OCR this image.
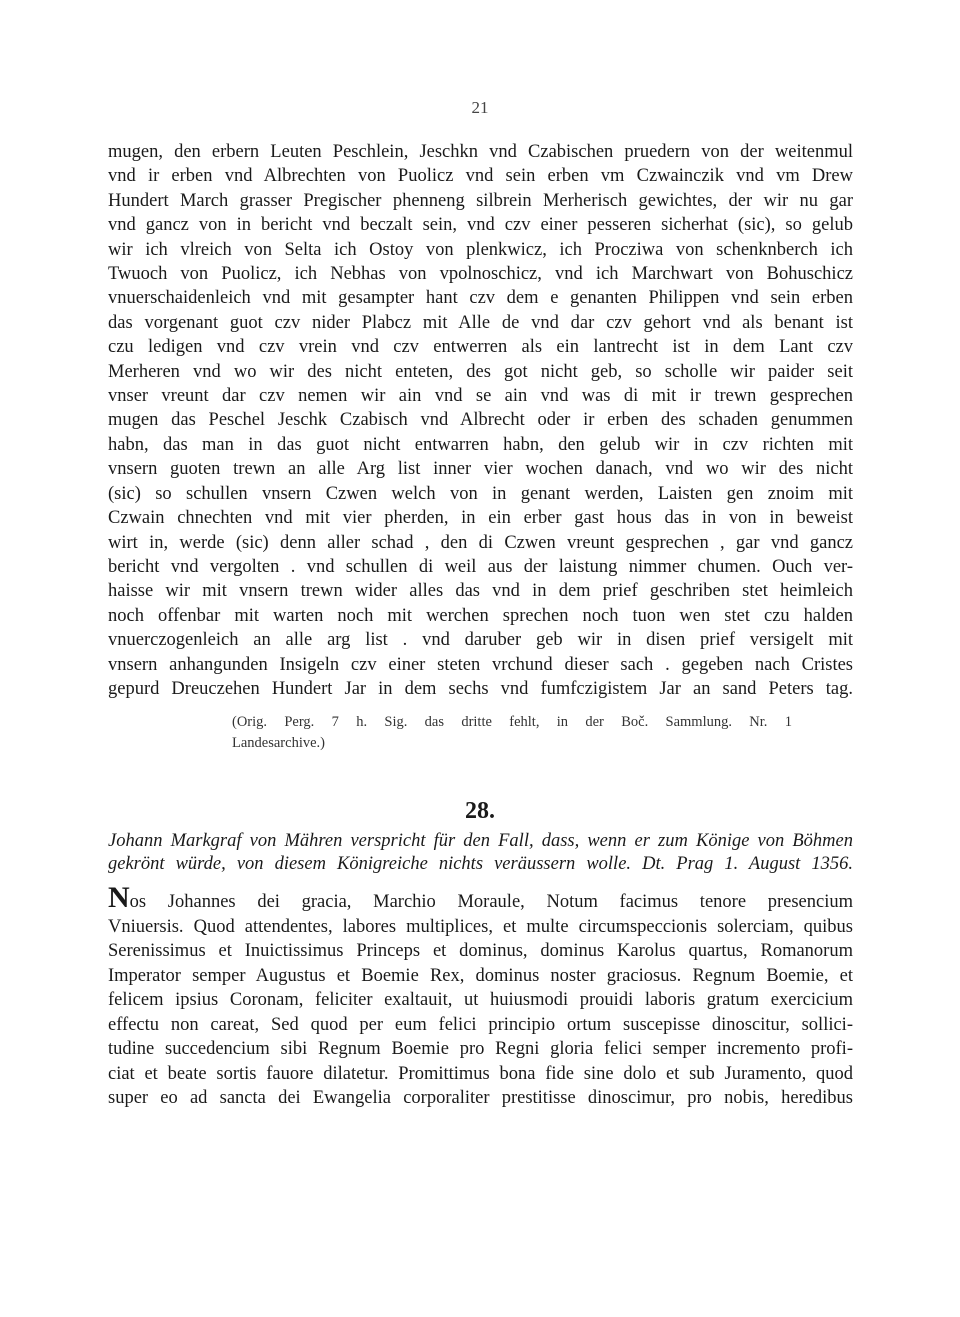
21
mugen, den erbern Leuten Peschlein, Jeschkn vnd Czabischen pruedern von der weitenmul
vnd ir erben vnd Albrechten von Puolicz vnd sein erben vm Czwainczik vnd vm Drew
Hundert March grasser Pregischer phenneng silbrein Merherisch gewichtes, der wir nu gar
vnd gancz von in bericht vnd beczalt sein, vnd czv einer pesseren sicherhat (sic), so gelub
wir ich vlreich von Selta ich Ostoy von plenkwicz, ich Procziwa von schenknberch ich
Twuoch von Puolicz, ich Nebhas von vpolnoschicz, vnd ich Marchwart von Bohuschicz
vnuerschaidenleich vnd mit gesampter hant czv dem e genanten Philippen vnd sein erben
das vorgenant guot czv nider Plabcz mit Alle de vnd dar czv gehort vnd als benant ist
czu ledigen vnd czv vrein vnd czv entwerren als ein lantrecht ist in dem Lant czv
Merheren vnd wo wir des nicht enteten, des got nicht geb, so scholle wir paider seit
vnser vreunt dar czv nemen wir ain vnd se ain vnd was di mit ir trewn gesprechen
mugen das Peschel Jeschk Czabisch vnd Albrecht oder ir erben des schaden genummen
habn, das man in das guot nicht entwarren habn, den gelub wir in czv richten mit
vnsern guoten trewn an alle Arg list inner vier wochen danach, vnd wo wir des nicht
(sic) so schullen vnsern Czwen welch von in genant werden, Laisten gen znoim mit
Czwain chnechten vnd mit vier pherden, in ein erber gast hous das in von in beweist
wirt in, werde (sic) denn aller schad , den di Czwen vreunt gesprechen , gar vnd gancz
bericht vnd vergolten . vnd schullen di weil aus der laistung nimmer chumen. Ouch ver-
haisse wir mit vnsern trewn wider alles das vnd in dem prief geschriben stet heimleich
noch offenbar mit warten noch mit werchen sprechen noch tuon wen stet czu halden
vnuerczogenleich an alle arg list . vnd daruber geb wir in disen prief versigelt mit
vnsern anhangunden Insigeln czv einer steten vrchund dieser sach . gegeben nach Cristes
gepurd Dreuczehen Hundert Jar in dem sechs vnd fumfczigistem Jar an sand Peters tag.
(Orig. Perg. 7 h. Sig. das dritte fehlt, in der Boč. Sammlung. Nr. 1
Landesarchive.)
28.
Johann Markgraf von Mähren verspricht für den Fall, dass, wenn er zum Könige von Böhmen
gekrönt würde, von diesem Königreiche nichts veräussern wolle. Dt. Prag 1. August 1356.
Nos Johannes dei gracia, Marchio Moraule, Notum facimus tenore presencium
Vniuersis. Quod attendentes, labores multiplices, et multe circumspeccionis solerciam, quibus
Serenissimus et Inuictissimus Princeps et dominus, dominus Karolus quartus, Romanorum
Imperator semper Augustus et Boemie Rex, dominus noster graciosus. Regnum Boemie, et
felicem ipsius Coronam, feliciter exaltauit, ut huiusmodi prouidi laboris gratum exercicium
effectu non careat, Sed quod per eum felici principio ortum suscepisse dinoscitur, sollici-
tudine succedencium sibi Regnum Boemie pro Regni gloria felici semper incremento profi-
ciat et beate sortis fauore dilatetur. Promittimus bona fide sine dolo et sub Juramento, quod
super eo ad sancta dei Ewangelia corporaliter prestitisse dinoscimur, pro nobis, heredibus
